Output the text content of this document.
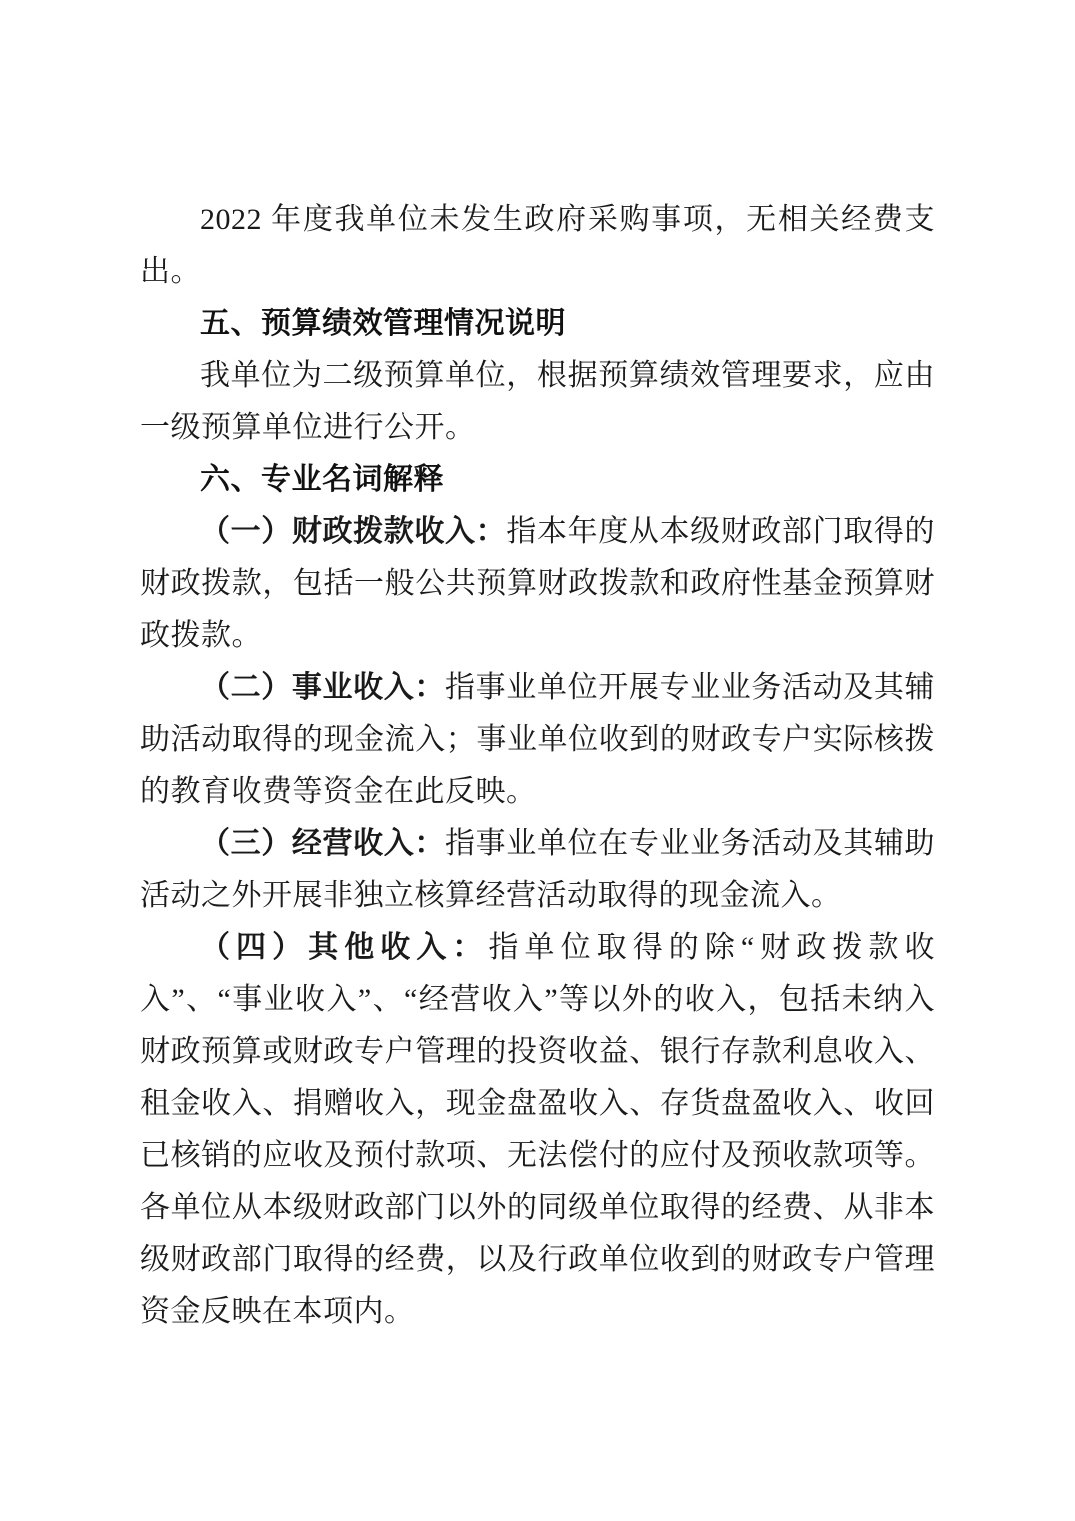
2022 年度我单位未发生政府采购事项，无相关经费支出。

五、预算绩效管理情况说明

我单位为二级预算单位，根据预算绩效管理要求，应由一级预算单位进行公开。

六、专业名词解释

（一）财政拨款收入：指本年度从本级财政部门取得的财政拨款，包括一般公共预算财政拨款和政府性基金预算财政拨款。

（二）事业收入：指事业单位开展专业业务活动及其辅助活动取得的现金流入；事业单位收到的财政专户实际核拨的教育收费等资金在此反映。

（三）经营收入：指事业单位在专业业务活动及其辅助活动之外开展非独立核算经营活动取得的现金流入。

（四）其他收入：指单位取得的除“财政拨款收入”、“事业收入”、“经营收入”等以外的收入，包括未纳入财政预算或财政专户管理的投资收益、银行存款利息收入、租金收入、捐赠收入，现金盘盈收入、存货盘盈收入、收回已核销的应收及预付款项、无法偿付的应付及预收款项等。各单位从本级财政部门以外的同级单位取得的经费、从非本级财政部门取得的经费，以及行政单位收到的财政专户管理资金反映在本项内。
